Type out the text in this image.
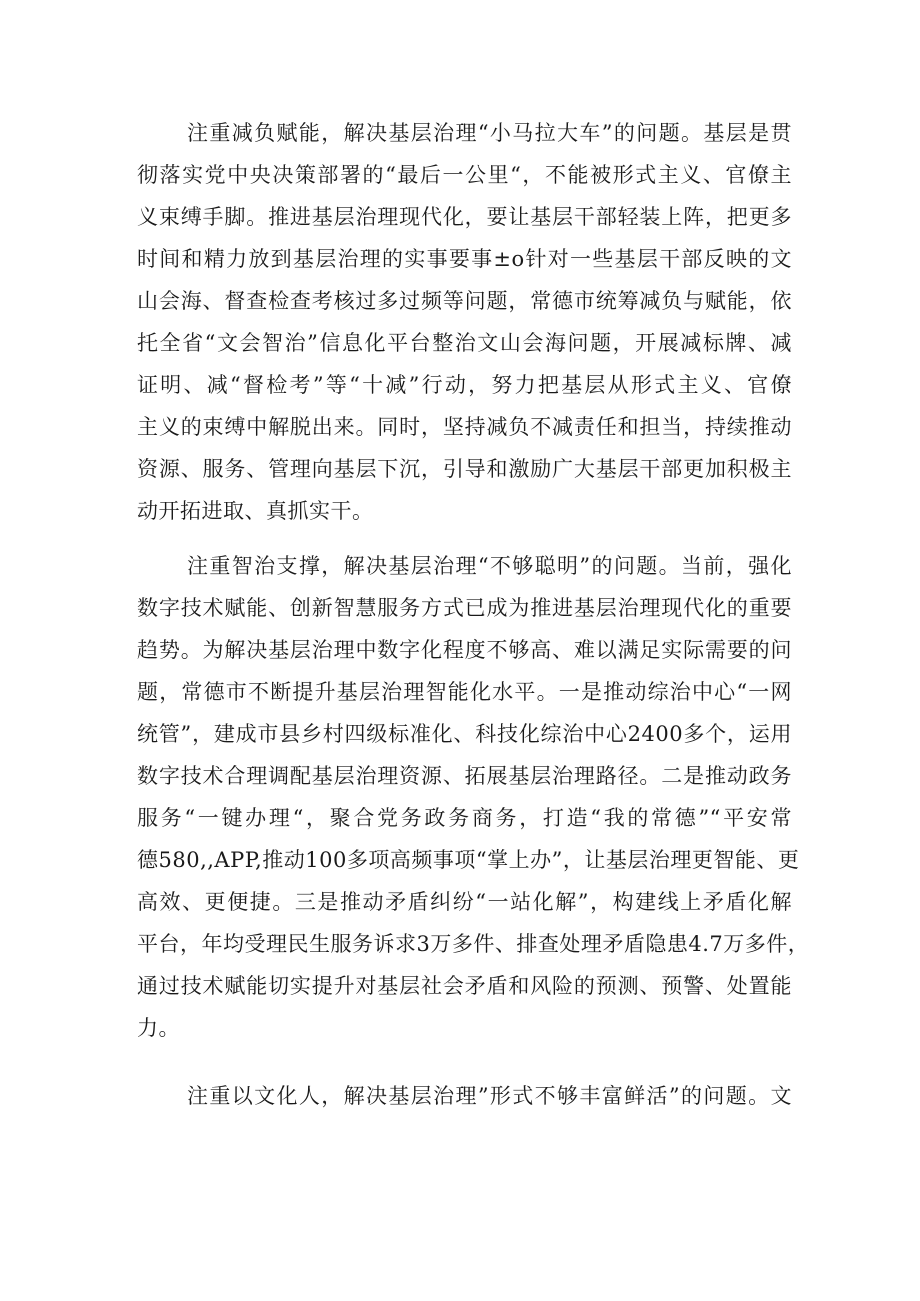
注重减负赋能，解决基层治理“小马拉大车”的问题。基层是贯
彻落实党中央决策部署的“最后一公里“，不能被形式主义、官僚主
义束缚手脚。推进基层治理现代化，要让基层干部轻装上阵，把更多
时间和精力放到基层治理的实事要事±o针对一些基层干部反映的文
山会海、督查检查考核过多过频等问题，常德市统筹减负与赋能，依
托全省“文会智治”信息化平台整治文山会海问题，开展减标牌、减
证明、减“督检考”等“十减”行动，努力把基层从形式主义、官僚
主义的束缚中解脱出来。同时，坚持减负不减责任和担当，持续推动
资源、服务、管理向基层下沉，引导和激励广大基层干部更加积极主
动开拓进取、真抓实干。
注重智治支撑，解决基层治理“不够聪明”的问题。当前，强化
数字技术赋能、创新智慧服务方式已成为推进基层治理现代化的重要
趋势。为解决基层治理中数字化程度不够高、难以满足实际需要的问
题，常德市不断提升基层治理智能化水平。一是推动综治中心“一网
统管”，建成市县乡村四级标准化、科技化综治中心2400多个，运用
数字技术合理调配基层治理资源、拓展基层治理路径。二是推动政务
服务“一键办理“，聚合党务政务商务，打造“我的常德”“平安常
德580,,APP,推动100多项高频事项“掌上办”，让基层治理更智能、更
高效、更便捷。三是推动矛盾纠纷“一站化解”，构建线上矛盾化解
平台，年均受理民生服务诉求3万多件、排查处理矛盾隐患4.7万多件，
通过技术赋能切实提升对基层社会矛盾和风险的预测、预警、处置能
力。
注重以文化人，解决基层治理”形式不够丰富鲜活”的问题。文
